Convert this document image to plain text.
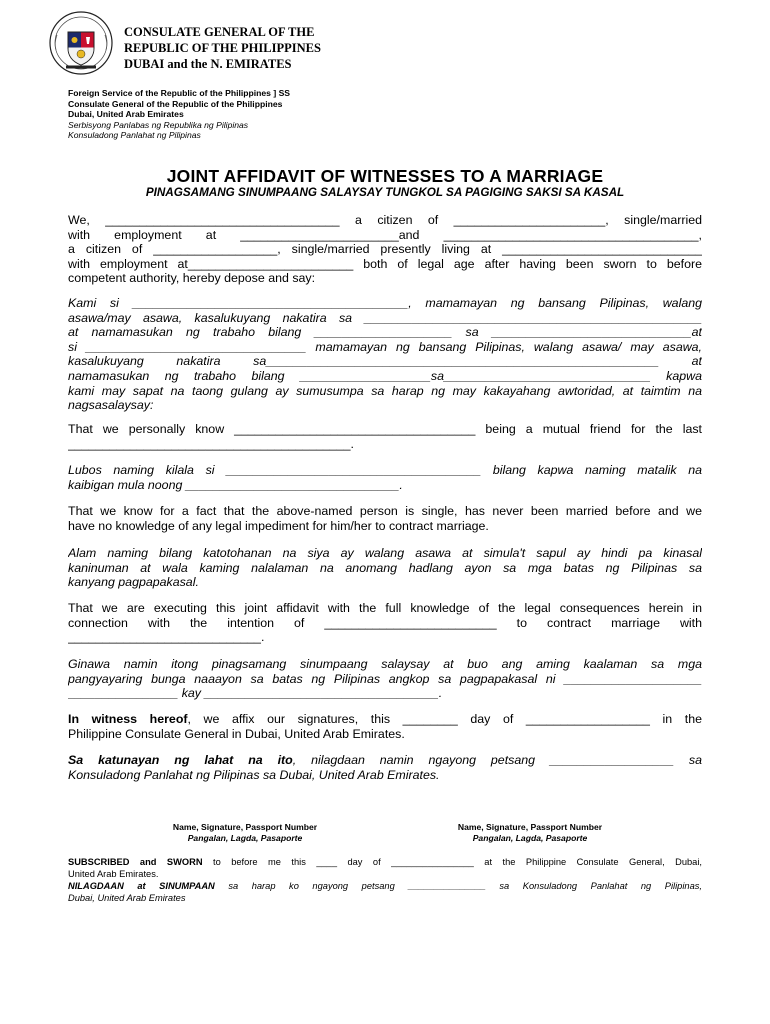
CONSULATE GENERAL OF THE
REPUBLIC OF THE PHILIPPINES
DUBAI and the N. EMIRATES
Foreign Service of the Republic of the Philippines ] SS
Consulate General of the Republic of the Philippines
Dubai, United Arab Emirates
Serbisyong Panlabas ng Republika ng Pilipinas
Konsuladong Panlahat ng Pilipinas
JOINT AFFIDAVIT OF WITNESSES TO A MARRIAGE
PINAGSAMANG SINUMPAANG SALAYSAY TUNGKOL SA PAGIGING SAKSI SA KASAL
We, __________________________________ a citizen of ______________________, single/married
with employment at _______________________and _____________________________________,
a citizen of __________________, single/married presently living at _____________________________
with employment at________________________ both of legal age after having been sworn to before
competent authority, hereby depose and say:
Kami si ________________________________________, mamamayan ng bansang Pilipinas, walang
asawa/may asawa, kasalukuyang nakatira sa _________________________________________________
at namamasukan ng trabaho bilang ____________________ sa _____________________________at
si ________________________________ mamamayan ng bansang Pilipinas, walang asawa/ may asawa,
kasalukuyang nakatira sa_________________________________________________________ at
namamasukan ng trabaho bilang ___________________sa______________________________ kapwa
kami may sapat na taong gulang ay sumusumpa sa harap ng may kakayahang awtoridad, at taimtim na
nagsasalaysay:
That we personally know ___________________________________ being a mutual friend for the last
_________________________________________.
Lubos naming kilala si _____________________________________ bilang kapwa naming matalik na
kaibigan mula noong _______________________________.
That we know for a fact that the above-named person is single, has never been married before and we
have no knowledge of any legal impediment for him/her to contract marriage.
Alam naming bilang katotohanan na siya ay walang asawa at simula't sapul ay hindi pa kinasal
kaninuman at wala kaming nalalaman na anomang hadlang ayon sa mga batas ng Pilipinas sa
kanyang pagpapakasal.
That we are executing this joint affidavit with the full knowledge of the legal consequences herein in
connection with the intention of _________________________ to contract marriage with
____________________________.
Ginawa namin itong pinagsamang sinumpaang salaysay at buo ang aming kaalaman sa mga
pangyayaring bunga naaayon sa batas ng Pilipinas angkop sa pagpapakasal ni ____________________
________________ kay __________________________________.
In witness hereof, we affix our signatures, this ________ day of __________________ in the
Philippine Consulate General in Dubai, United Arab Emirates.
Sa katunayan ng lahat na ito, nilagdaan namin ngayong petsang __________________ sa
Konsuladong Panlahat ng Pilipinas sa Dubai, United Arab Emirates.
Name, Signature, Passport Number
Pangalan, Lagda, Pasaporte
Name, Signature, Passport Number
Pangalan, Lagda, Pasaporte
SUBSCRIBED and SWORN to before me this ____ day of ________________ at the Philippine Consulate General, Dubai,
United Arab Emirates.
NILAGDAAN at SINUMPAAN sa harap ko ngayong petsang _______________ sa Konsuladong Panlahat ng Pilipinas,
Dubai, United Arab Emirates
